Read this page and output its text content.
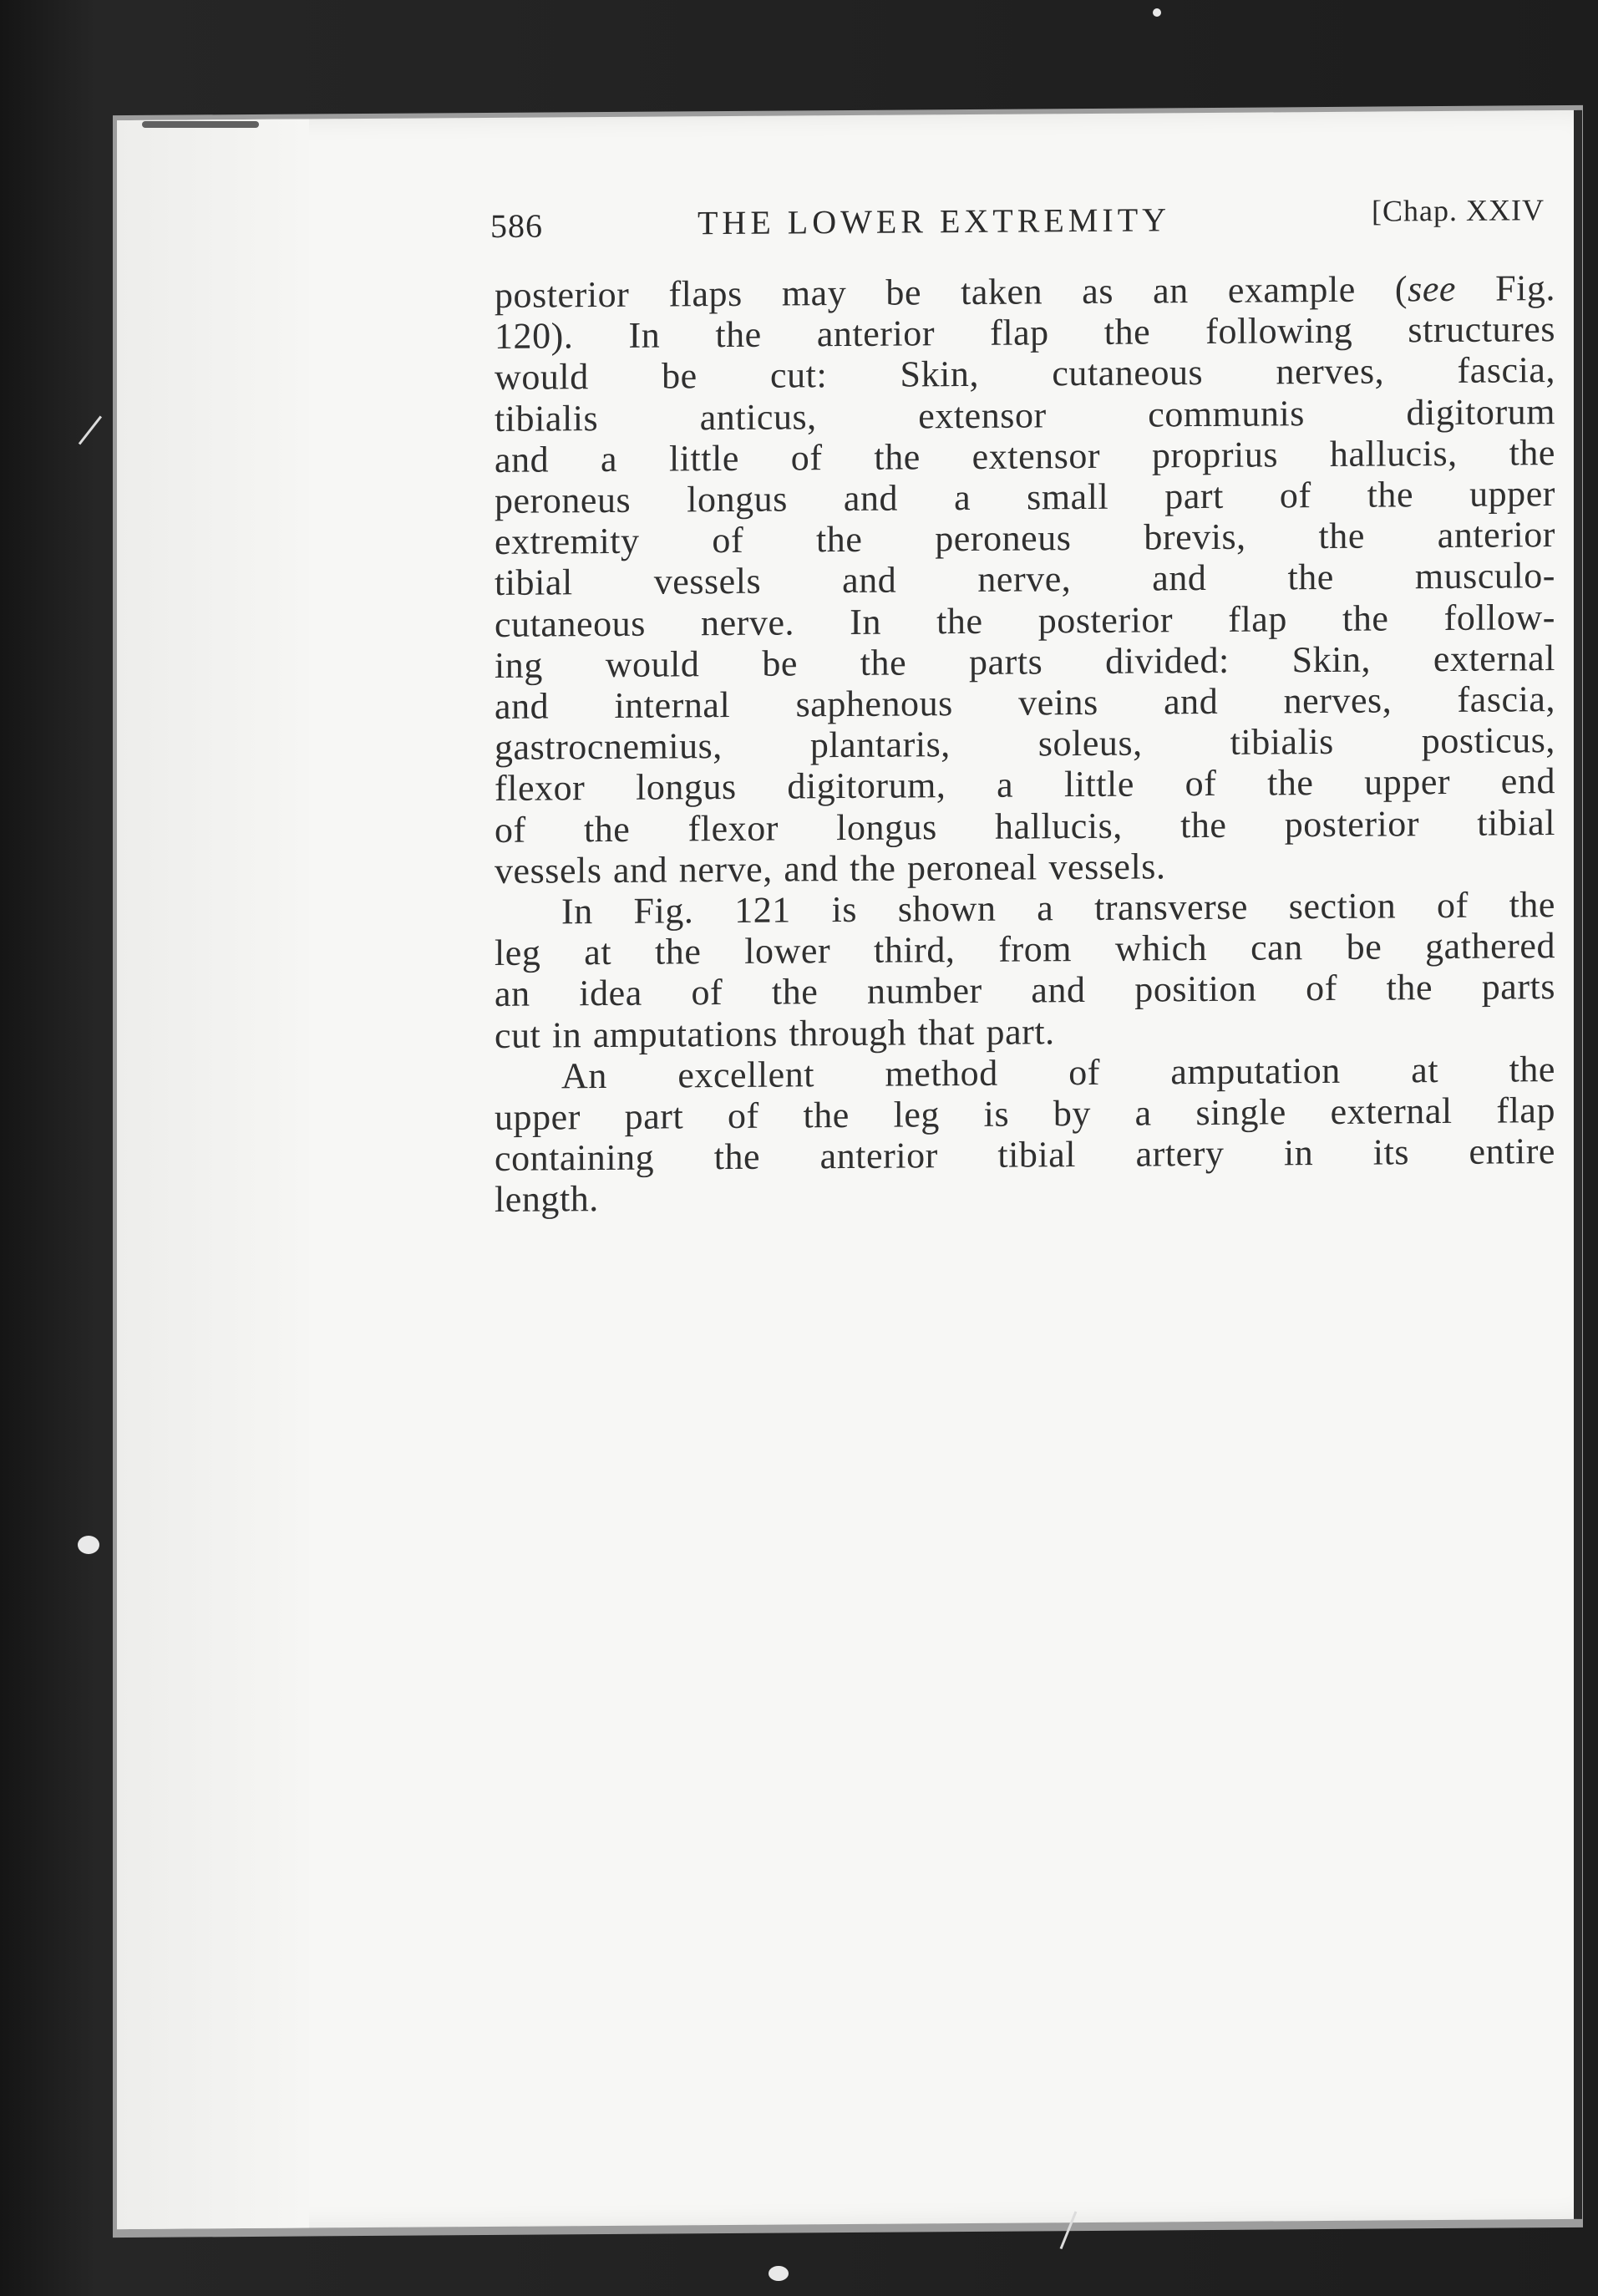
586	THE LOWER EXTREMITY	[Chap. XXIV
posterior flaps may be taken as an example (see Fig.
120). In the anterior flap the following structures
would be cut: Skin, cutaneous nerves, fascia,
tibialis anticus, extensor communis digitorum
and a little of the extensor proprius hallucis, the
peroneus longus and a small part of the upper
extremity of the peroneus brevis, the anterior
tibial vessels and nerve, and the musculo-
cutaneous nerve. In the posterior flap the follow-
ing would be the parts divided: Skin, external
and internal saphenous veins and nerves, fascia,
gastrocnemius, plantaris, soleus, tibialis posticus,
flexor longus digitorum, a little of the upper end
of the flexor longus hallucis, the posterior tibial
vessels and nerve, and the peroneal vessels.
In Fig. 121 is shown a transverse section of the
leg at the lower third, from which can be gathered
an idea of the number and position of the parts
cut in amputations through that part.
An excellent method of amputation at the
upper part of the leg is by a single external flap
containing the anterior tibial artery in its entire
length.
